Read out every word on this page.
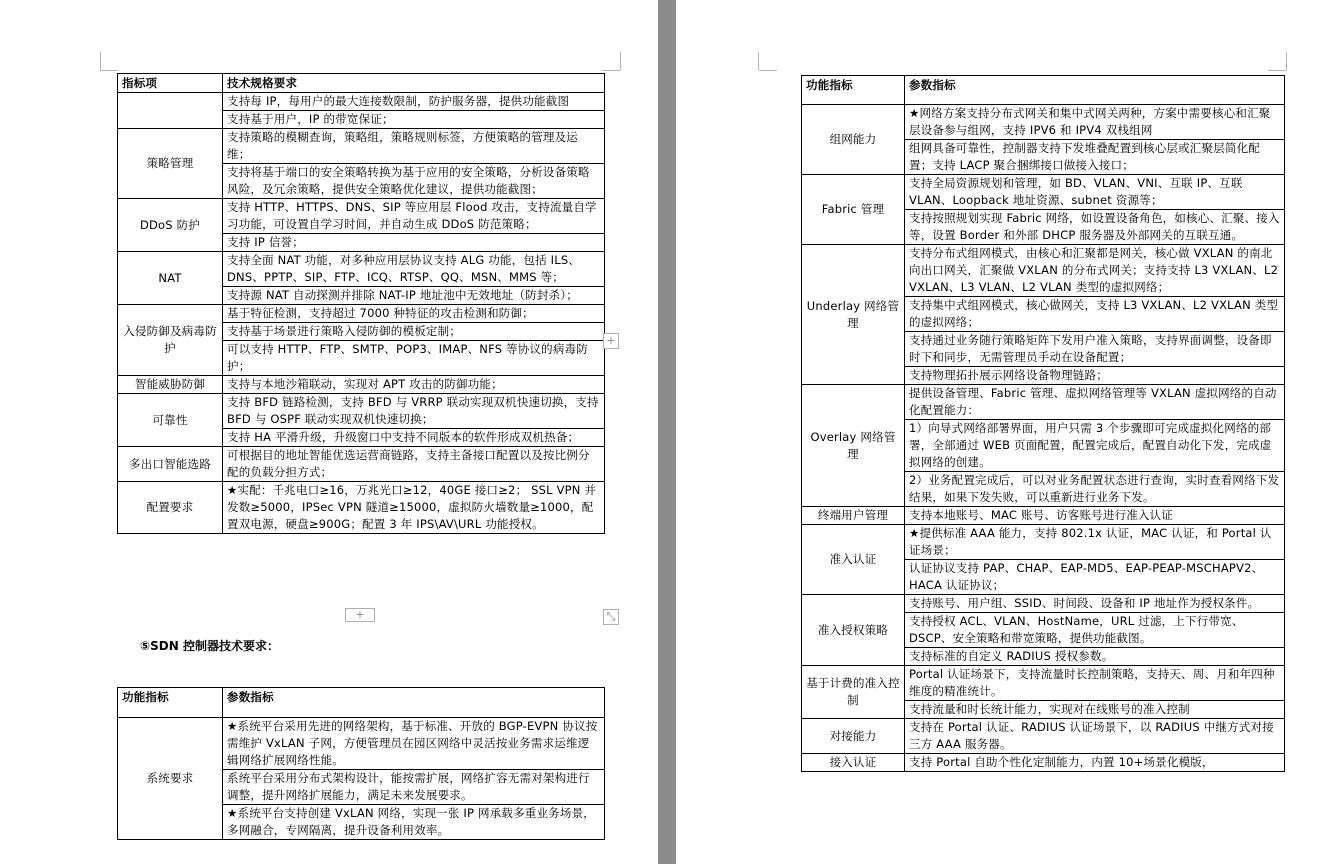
指标项	技术规格要求
	支持每 IP，每用户的最大连接数限制，防护服务器，提供功能截图
	支持基于用户，IP 的带宽保证；
策略管理	支持策略的模糊查询，策略组，策略规则标签，方便策略的管理及运维；
	支持将基于端口的安全策略转换为基于应用的安全策略，分析设备策略风险，及冗余策略，提供安全策略优化建议，提供功能截图；
DDoS 防护	支持 HTTP、HTTPS、DNS、SIP 等应用层 Flood 攻击，支持流量自学习功能，可设置自学习时间，并自动生成 DDoS 防范策略；
	支持 IP 信誉；
NAT	支持全面 NAT 功能，对多种应用层协议支持 ALG 功能，包括 ILS、DNS、PPTP、SIP、FTP、ICQ、RTSP、QQ、MSN、MMS 等；
	支持源 NAT 自动探测并排除 NAT-IP 地址池中无效地址（防封杀）；
入侵防御及病毒防护	基于特征检测，支持超过 7000 种特征的攻击检测和防御；
	支持基于场景进行策略入侵防御的模板定制；
	可以支持 HTTP、FTP、SMTP、POP3、IMAP、NFS 等协议的病毒防护；
智能威胁防御	支持与本地沙箱联动，实现对 APT 攻击的防御功能；
可靠性	支持 BFD 链路检测，支持 BFD 与 VRRP 联动实现双机快速切换，支持 BFD 与 OSPF 联动实现双机快速切换；
	支持 HA 平滑升级，升级窗口中支持不同版本的软件形成双机热备；
多出口智能选路	可根据目的地址智能优选运营商链路，支持主备接口配置以及按比例分配的负载分担方式；
配置要求	★实配：千兆电口≥16，万兆光口≥12，40GE 接口≥2； SSL VPN 并发数≥5000，IPSec VPN 隧道≥15000，虚拟防火墙数量≥1000，配置双电源，硬盘≥900G；配置 3 年 IPS\AV\URL 功能授权。
⑤SDN 控制器技术要求：
功能指标	参数指标
系统要求	★系统平台采用先进的网络架构，基于标准、开放的 BGP-EVPN 协议按需维护 VxLAN 子网，方便管理员在园区网络中灵活按业务需求运维逻辑网络扩展网络性能。
	系统平台采用分布式架构设计，能按需扩展，网络扩容无需对架构进行调整，提升网络扩展能力，满足未来发展要求。
	★系统平台支持创建 VxLAN 网络，实现一张 IP 网承载多重业务场景，多网融合，专网隔离，提升设备利用效率。
功能指标	参数指标
组网能力	★网络方案支持分布式网关和集中式网关两种，方案中需要核心和汇聚层设备参与组网，支持 IPV6 和 IPV4 双栈组网
	组网具备可靠性，控制器支持下发堆叠配置到核心层或汇聚层简化配置；支持 LACP 聚合捆绑接口做接入接口；
Fabric 管理	支持全局资源规划和管理，如 BD、VLAN、VNI、互联 IP、互联 VLAN、Loopback 地址资源、subnet 资源等；
	支持按照规划实现 Fabric 网络，如设置设备角色，如核心、汇聚、接入等，设置 Border 和外部 DHCP 服务器及外部网关的互联互通。
Underlay 网络管理	支持分布式组网模式，由核心和汇聚都是网关，核心做 VXLAN 的南北向出口网关，汇聚做 VXLAN 的分布式网关；支持支持 L3 VXLAN、L2 VXLAN、L3 VLAN、L2 VLAN 类型的虚拟网络；
	支持集中式组网模式，核心做网关，支持 L3 VXLAN、L2 VXLAN 类型的虚拟网络；
	支持通过业务随行策略矩阵下发用户准入策略，支持界面调整，设备即时下和同步，无需管理员手动在设备配置；
	支持物理拓扑展示网络设备物理链路；
Overlay 网络管理	提供设备管理、Fabric 管理、虚拟网络管理等 VXLAN 虚拟网络的自动化配置能力：
	1）向导式网络部署界面，用户只需 3 个步骤即可完成虚拟化网络的部署，全部通过 WEB 页面配置，配置完成后，配置自动化下发，完成虚拟网络的创建。
	2）业务配置完成后，可以对业务配置状态进行查询，实时查看网络下发结果，如果下发失败，可以重新进行业务下发。
终端用户管理	支持本地账号、MAC 账号、访客账号进行准入认证
准入认证	★提供标准 AAA 能力，支持 802.1x 认证，MAC 认证，和 Portal 认证场景；
	认证协议支持 PAP、CHAP、EAP-MD5、EAP-PEAP-MSCHAPV2、HACA 认证协议；
准入授权策略	支持账号、用户组、SSID、时间段、设备和 IP 地址作为授权条件。
	支持授权 ACL、VLAN、HostName，URL 过滤，上下行带宽、DSCP、安全策略和带宽策略，提供功能截图。
	支持标准的自定义 RADIUS 授权参数。
基于计费的准入控制	Portal 认证场景下，支持流量时长控制策略，支持天、周、月和年四种维度的精准统计。
	支持流量和时长统计能力，实现对在线账号的准入控制
对接能力	支持在 Portal 认证、RADIUS 认证场景下，以 RADIUS 中继方式对接三方 AAA 服务器。
接入认证	支持 Portal 自助个性化定制能力，内置 10+场景化模版，
+
+	⤡
